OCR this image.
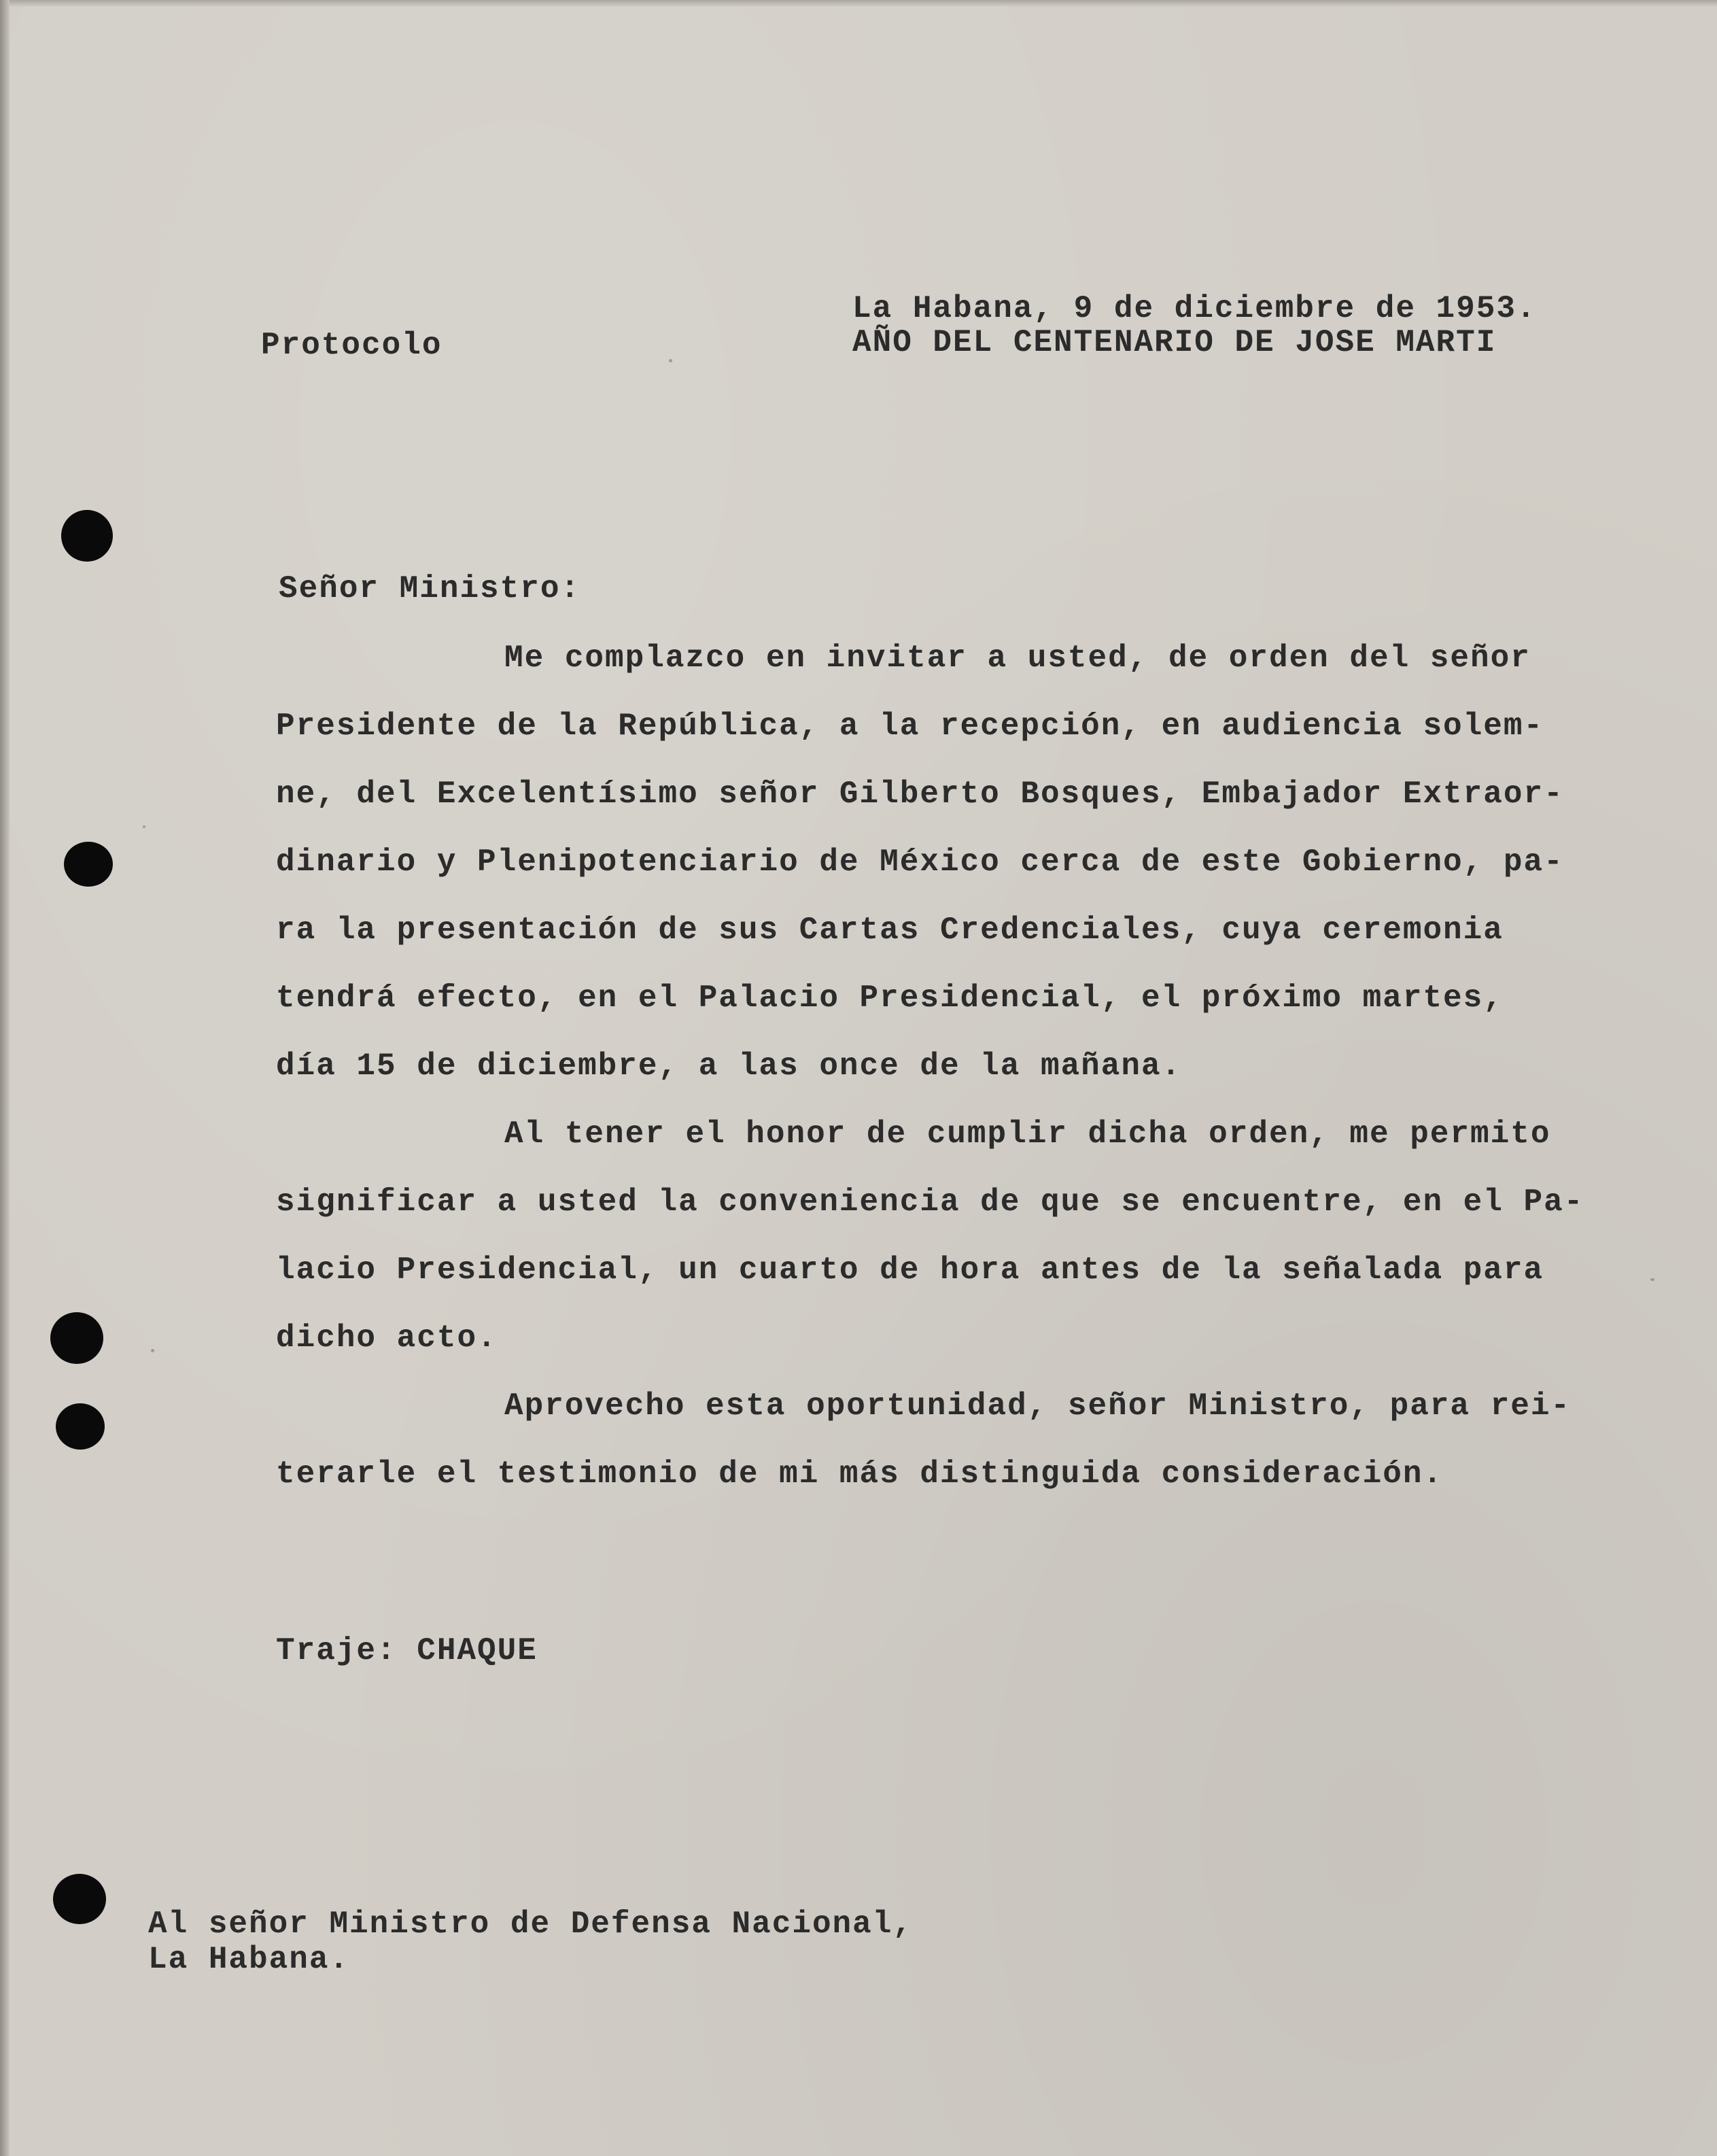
Protocolo

La Habana, 9 de diciembre de 1953.

AÑO DEL CENTENARIO DE JOSE MARTI

Señor Ministro:

Me complazco en invitar a usted, de orden del señor

Presidente de la República, a la recepción, en audiencia solem-

ne, del Excelentísimo señor Gilberto Bosques, Embajador Extraor-

dinario y Plenipotenciario de México cerca de este Gobierno, pa-

ra la presentación de sus Cartas Credenciales, cuya ceremonia

tendrá efecto, en el Palacio Presidencial, el próximo martes,

día 15 de diciembre, a las once de la mañana.

Al tener el honor de cumplir dicha orden, me permito

significar a usted la conveniencia de que se encuentre, en el Pa-

lacio Presidencial, un cuarto de hora antes de la señalada para

dicho acto.

Aprovecho esta oportunidad, señor Ministro, para rei-

terarle el testimonio de mi más distinguida consideración.

Traje: CHAQUE

Al señor Ministro de Defensa Nacional,

La Habana.
